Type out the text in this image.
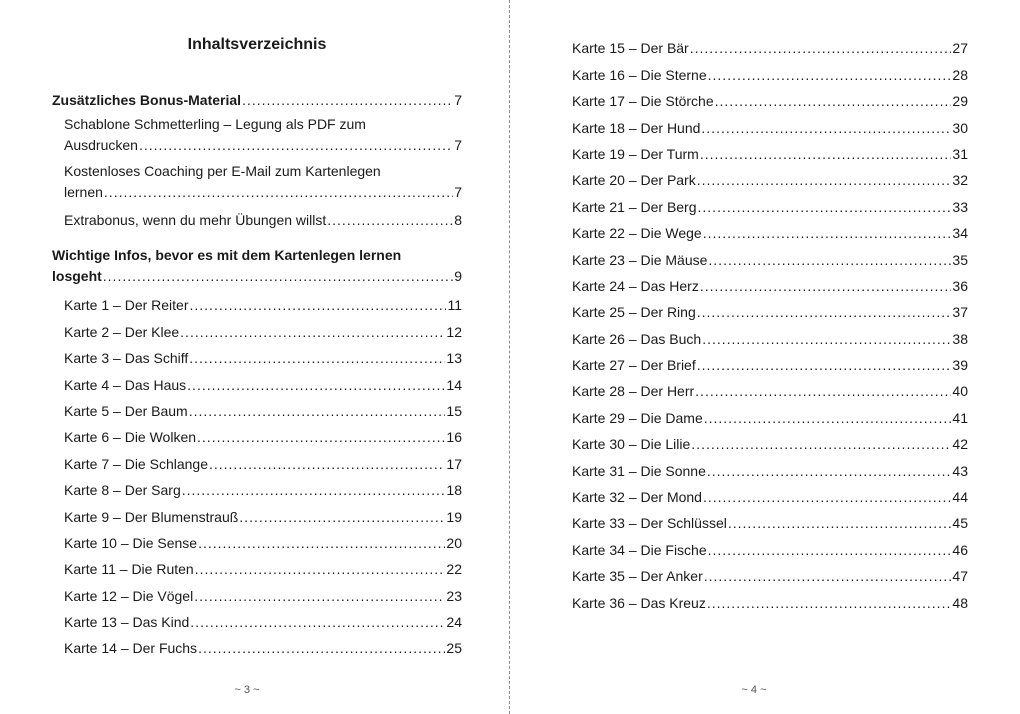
Inhaltsverzeichnis
Zusätzliches Bonus-Material .....	7
Schablone Schmetterling – Legung als PDF zum
Ausdrucken .....	7
Kostenloses Coaching per E-Mail zum Kartenlegen
lernen .....	7
Extrabonus, wenn du mehr Übungen willst .....	8
Wichtige Infos, bevor es mit dem Kartenlegen lernen
losgeht .....	9
Karte 1 – Der Reiter .....	11
Karte 2 – Der Klee .....	12
Karte 3 – Das Schiff .....	13
Karte 4 – Das Haus .....	14
Karte 5 – Der Baum .....	15
Karte 6 – Die Wolken .....	16
Karte 7 – Die Schlange .....	17
Karte 8 – Der Sarg .....	18
Karte 9 – Der Blumenstrauß .....	19
Karte 10 – Die Sense .....	20
Karte 11 – Die Ruten .....	22
Karte 12 – Die Vögel .....	23
Karte 13 – Das Kind .....	24
Karte 14 – Der Fuchs .....	25
~ 3 ~
Karte 15 – Der Bär .....	27
Karte 16 – Die Sterne .....	28
Karte 17 – Die Störche .....	29
Karte 18 – Der Hund .....	30
Karte 19 – Der Turm .....	31
Karte 20 – Der Park .....	32
Karte 21 – Der Berg .....	33
Karte 22 – Die Wege .....	34
Karte 23 – Die Mäuse .....	35
Karte 24 – Das Herz .....	36
Karte 25 – Der Ring .....	37
Karte 26 – Das Buch .....	38
Karte 27 – Der Brief .....	39
Karte 28 – Der Herr .....	40
Karte 29 – Die Dame .....	41
Karte 30 – Die Lilie .....	42
Karte 31 – Die Sonne .....	43
Karte 32 – Der Mond .....	44
Karte 33 – Der Schlüssel .....	45
Karte 34 – Die Fische .....	46
Karte 35 – Der Anker .....	47
Karte 36 – Das Kreuz .....	48
~ 4 ~
